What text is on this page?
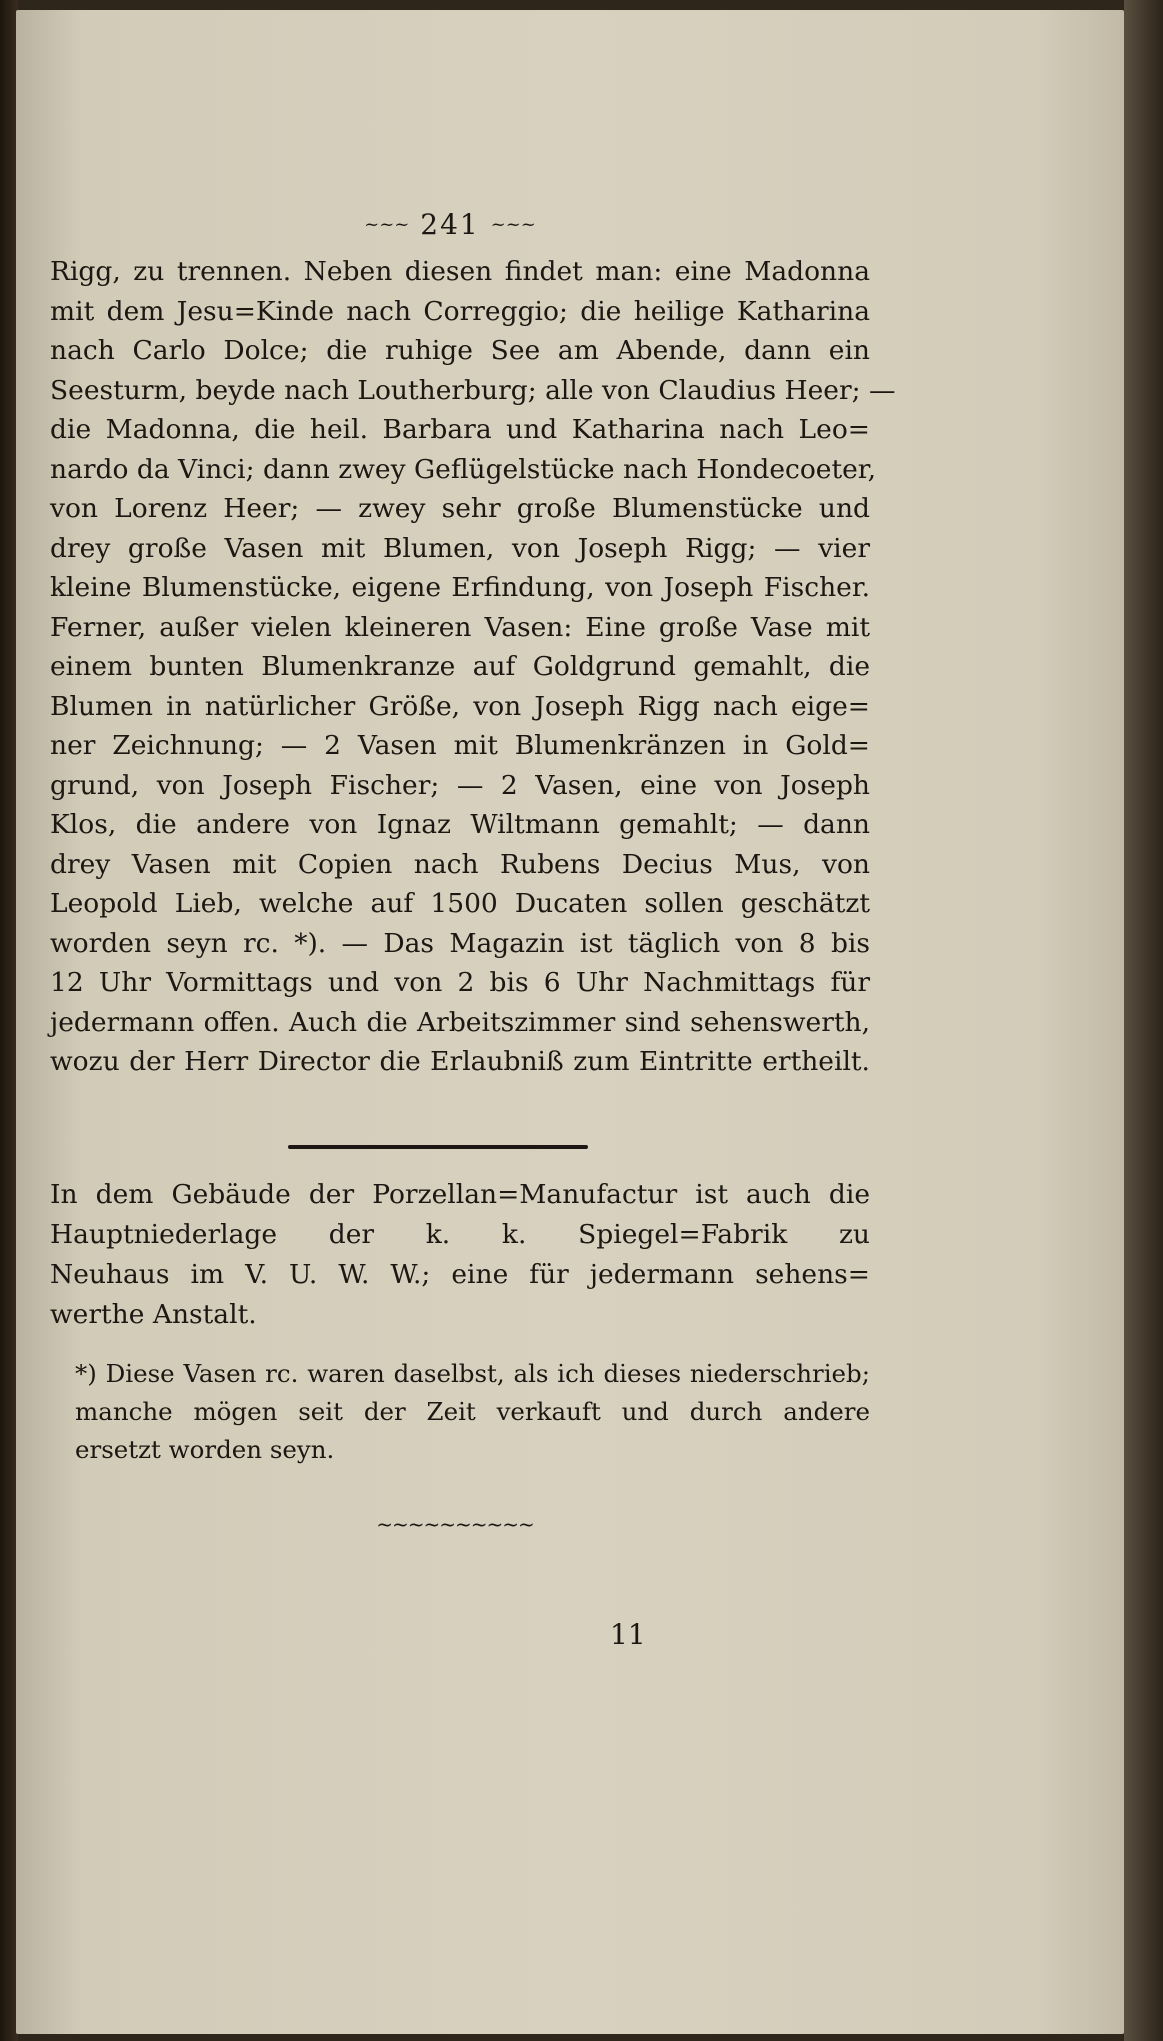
~~~ 241 ~~~
Rigg, zu trennen. Neben diesen findet man: eine Madonna
mit dem Jesu=Kinde nach Correggio; die heilige Katharina
nach Carlo Dolce; die ruhige See am Abende, dann ein
Seesturm, beyde nach Loutherburg; alle von Claudius Heer; —
die Madonna, die heil. Barbara und Katharina nach Leo=
nardo da Vinci; dann zwey Geflügelstücke nach Hondecoeter,
von Lorenz Heer; — zwey sehr große Blumenstücke und
drey große Vasen mit Blumen, von Joseph Rigg; — vier
kleine Blumenstücke, eigene Erfindung, von Joseph Fischer.
Ferner, außer vielen kleineren Vasen: Eine große Vase mit
einem bunten Blumenkranze auf Goldgrund gemahlt, die
Blumen in natürlicher Größe, von Joseph Rigg nach eige=
ner Zeichnung; — 2 Vasen mit Blumenkränzen in Gold=
grund, von Joseph Fischer; — 2 Vasen, eine von Joseph
Klos, die andere von Ignaz Wiltmann gemahlt; — dann
drey Vasen mit Copien nach Rubens Decius Mus, von
Leopold Lieb, welche auf 1500 Ducaten sollen geschätzt
worden seyn rc. *). — Das Magazin ist täglich von 8 bis
12 Uhr Vormittags und von 2 bis 6 Uhr Nachmittags für
jedermann offen. Auch die Arbeitszimmer sind sehenswerth,
wozu der Herr Director die Erlaubniß zum Eintritte ertheilt.
In dem Gebäude der Porzellan=Manufactur ist auch die
Hauptniederlage der k. k. Spiegel=Fabrik zu
Neuhaus im V. U. W. W.; eine für jedermann sehens=
werthe Anstalt.
*) Diese Vasen rc. waren daselbst, als ich dieses niederschrieb;
manche mögen seit der Zeit verkauft und durch andere
ersetzt worden seyn.
~~~~~~~~~~
11
